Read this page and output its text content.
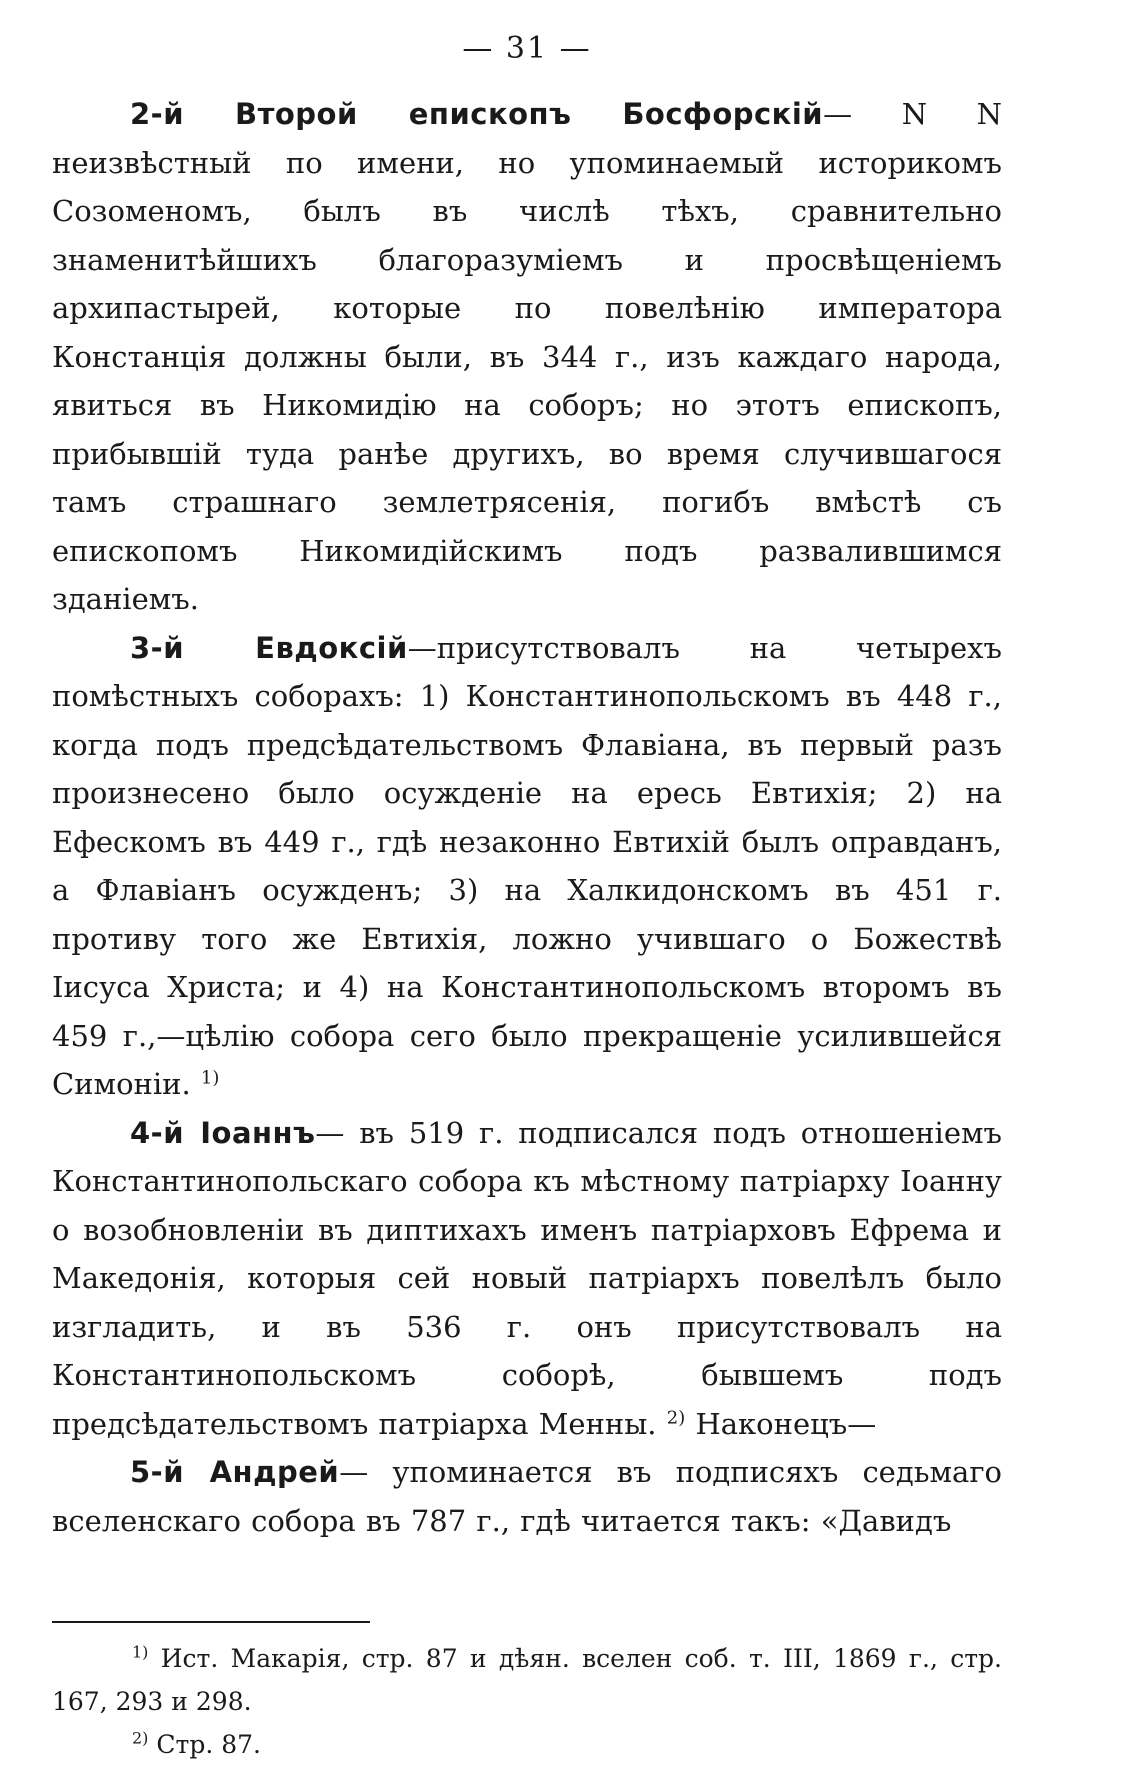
— 31 —

2-й Второй епископъ Босфорскій— N N неизвѣстный по имени, но упоминаемый историкомъ Созоменомъ, былъ въ числѣ тѣхъ, сравнительно знаменитѣйшихъ благоразуміемъ и просвѣщеніемъ архипастырей, которые по повелѣнію императора Констанція должны были, въ 344 г., изъ каждаго народа, явиться въ Никомидію на соборъ; но этотъ епископъ, прибывшій туда ранѣе другихъ, во время случившагося тамъ страшнаго землетрясенія, погибъ вмѣстѣ съ епископомъ Никомидійскимъ подъ развалившимся зданіемъ.

3-й Евдоксій—присутствовалъ на четырехъ помѣстныхъ соборахъ: 1) Константинопольскомъ въ 448 г., когда подъ предсѣдательствомъ Флавіана, въ первый разъ произнесено было осужденіе на ересь Евтихія; 2) на Ефескомъ въ 449 г., гдѣ незаконно Евтихій былъ оправданъ, а Флавіанъ осужденъ; 3) на Халкидонскомъ въ 451 г. противу того же Евтихія, ложно учившаго о Божествѣ Іисуса Христа; и 4) на Константинопольскомъ второмъ въ 459 г.,—цѣлію собора сего было прекращеніе усилившейся Симоніи. $^{1)}$

4-й Іоаннъ— въ 519 г. подписался подъ отношеніемъ Константинопольскаго собора къ мѣстному патріарху Іоанну о возобновленіи въ диптихахъ именъ патріарховъ Ефрема и Македонія, которыя сей новый патріархъ повелѣлъ было изгладить, и въ 536 г. онъ присутствовалъ на Константинопольскомъ соборѣ, бывшемъ подъ предсѣдательствомъ патріарха Менны. $^{2)}$ Наконецъ—

5-й Андрей— упоминается въ подписяхъ седьмаго вселенскаго собора въ 787 г., гдѣ читается такъ: «Давидъ

$^{1)}$ Ист. Макарія, стр. 87 и дѣян. вселен соб. т. III, 1869 г., стр. 167, 293 и 298.

$^{2)}$ Стр. 87.
